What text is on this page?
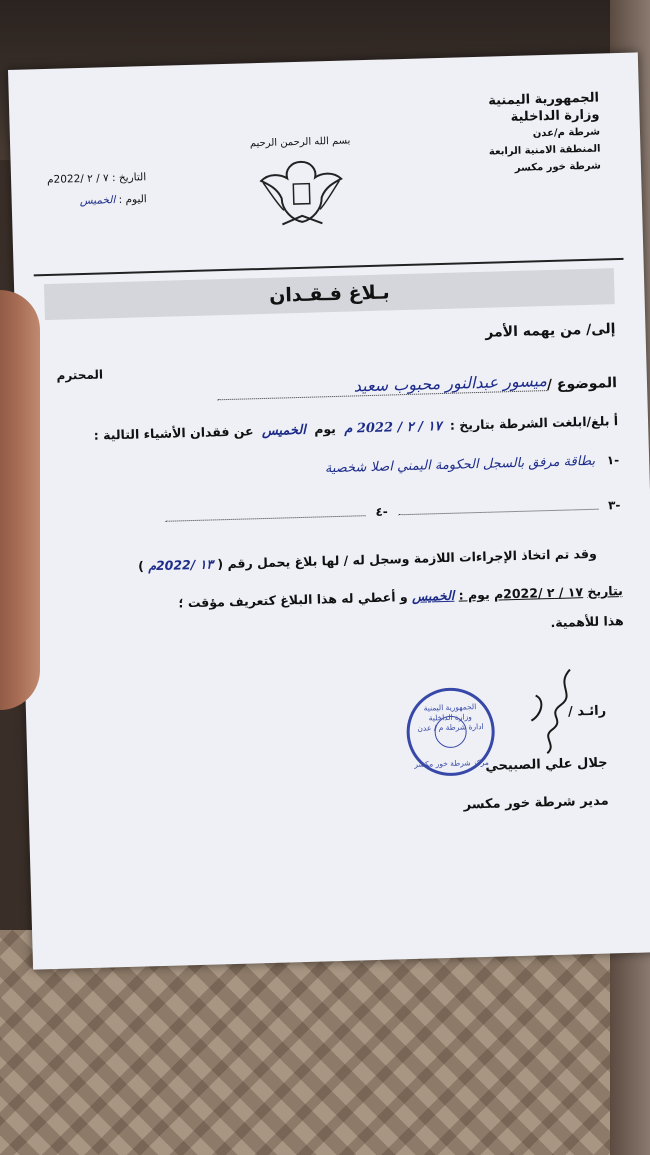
الجمهورية اليمنية
وزارة الداخلية
شرطة م/عدن
المنطقة الامنية الرابعة
شرطة خور مكسر
بسم الله الرحمن الرحيم
التاريخ : ٧ / ٢ /2022م
اليوم : الخميس
بـلاغ فـقـدان
إلى/ من يهمه الأمر
المحترم
الموضوع /
ميسور عبدالنور محبوب سعيد
أ بلغ/ابلغت الشرطة بتاريخ : ١٧ / ٢ / 2022 م يوم الخميس عن فقدان الأشياء التالية :
-١ بطاقة مرفق بالسجل الحكومة اليمني اصلا شخصية
-٣  -٤
وقد تم اتخاذ الإجراءات اللازمة وسجل له / لها بلاغ يحمل رقم ( ١٣ /2022م )
بتاريخ ١٧ / ٢ /2022م يوم : الخميس و أعطي له هذا البلاغ كتعريف مؤقت ؛
هذا للأهمية.
رائـد /
جلال علي الصبيحي
مدير شرطة خور مكسر
الجمهورية اليمنية
وزارة الداخلية
ادارة شرطة م / عدن
مركز شرطة خور مكسر
